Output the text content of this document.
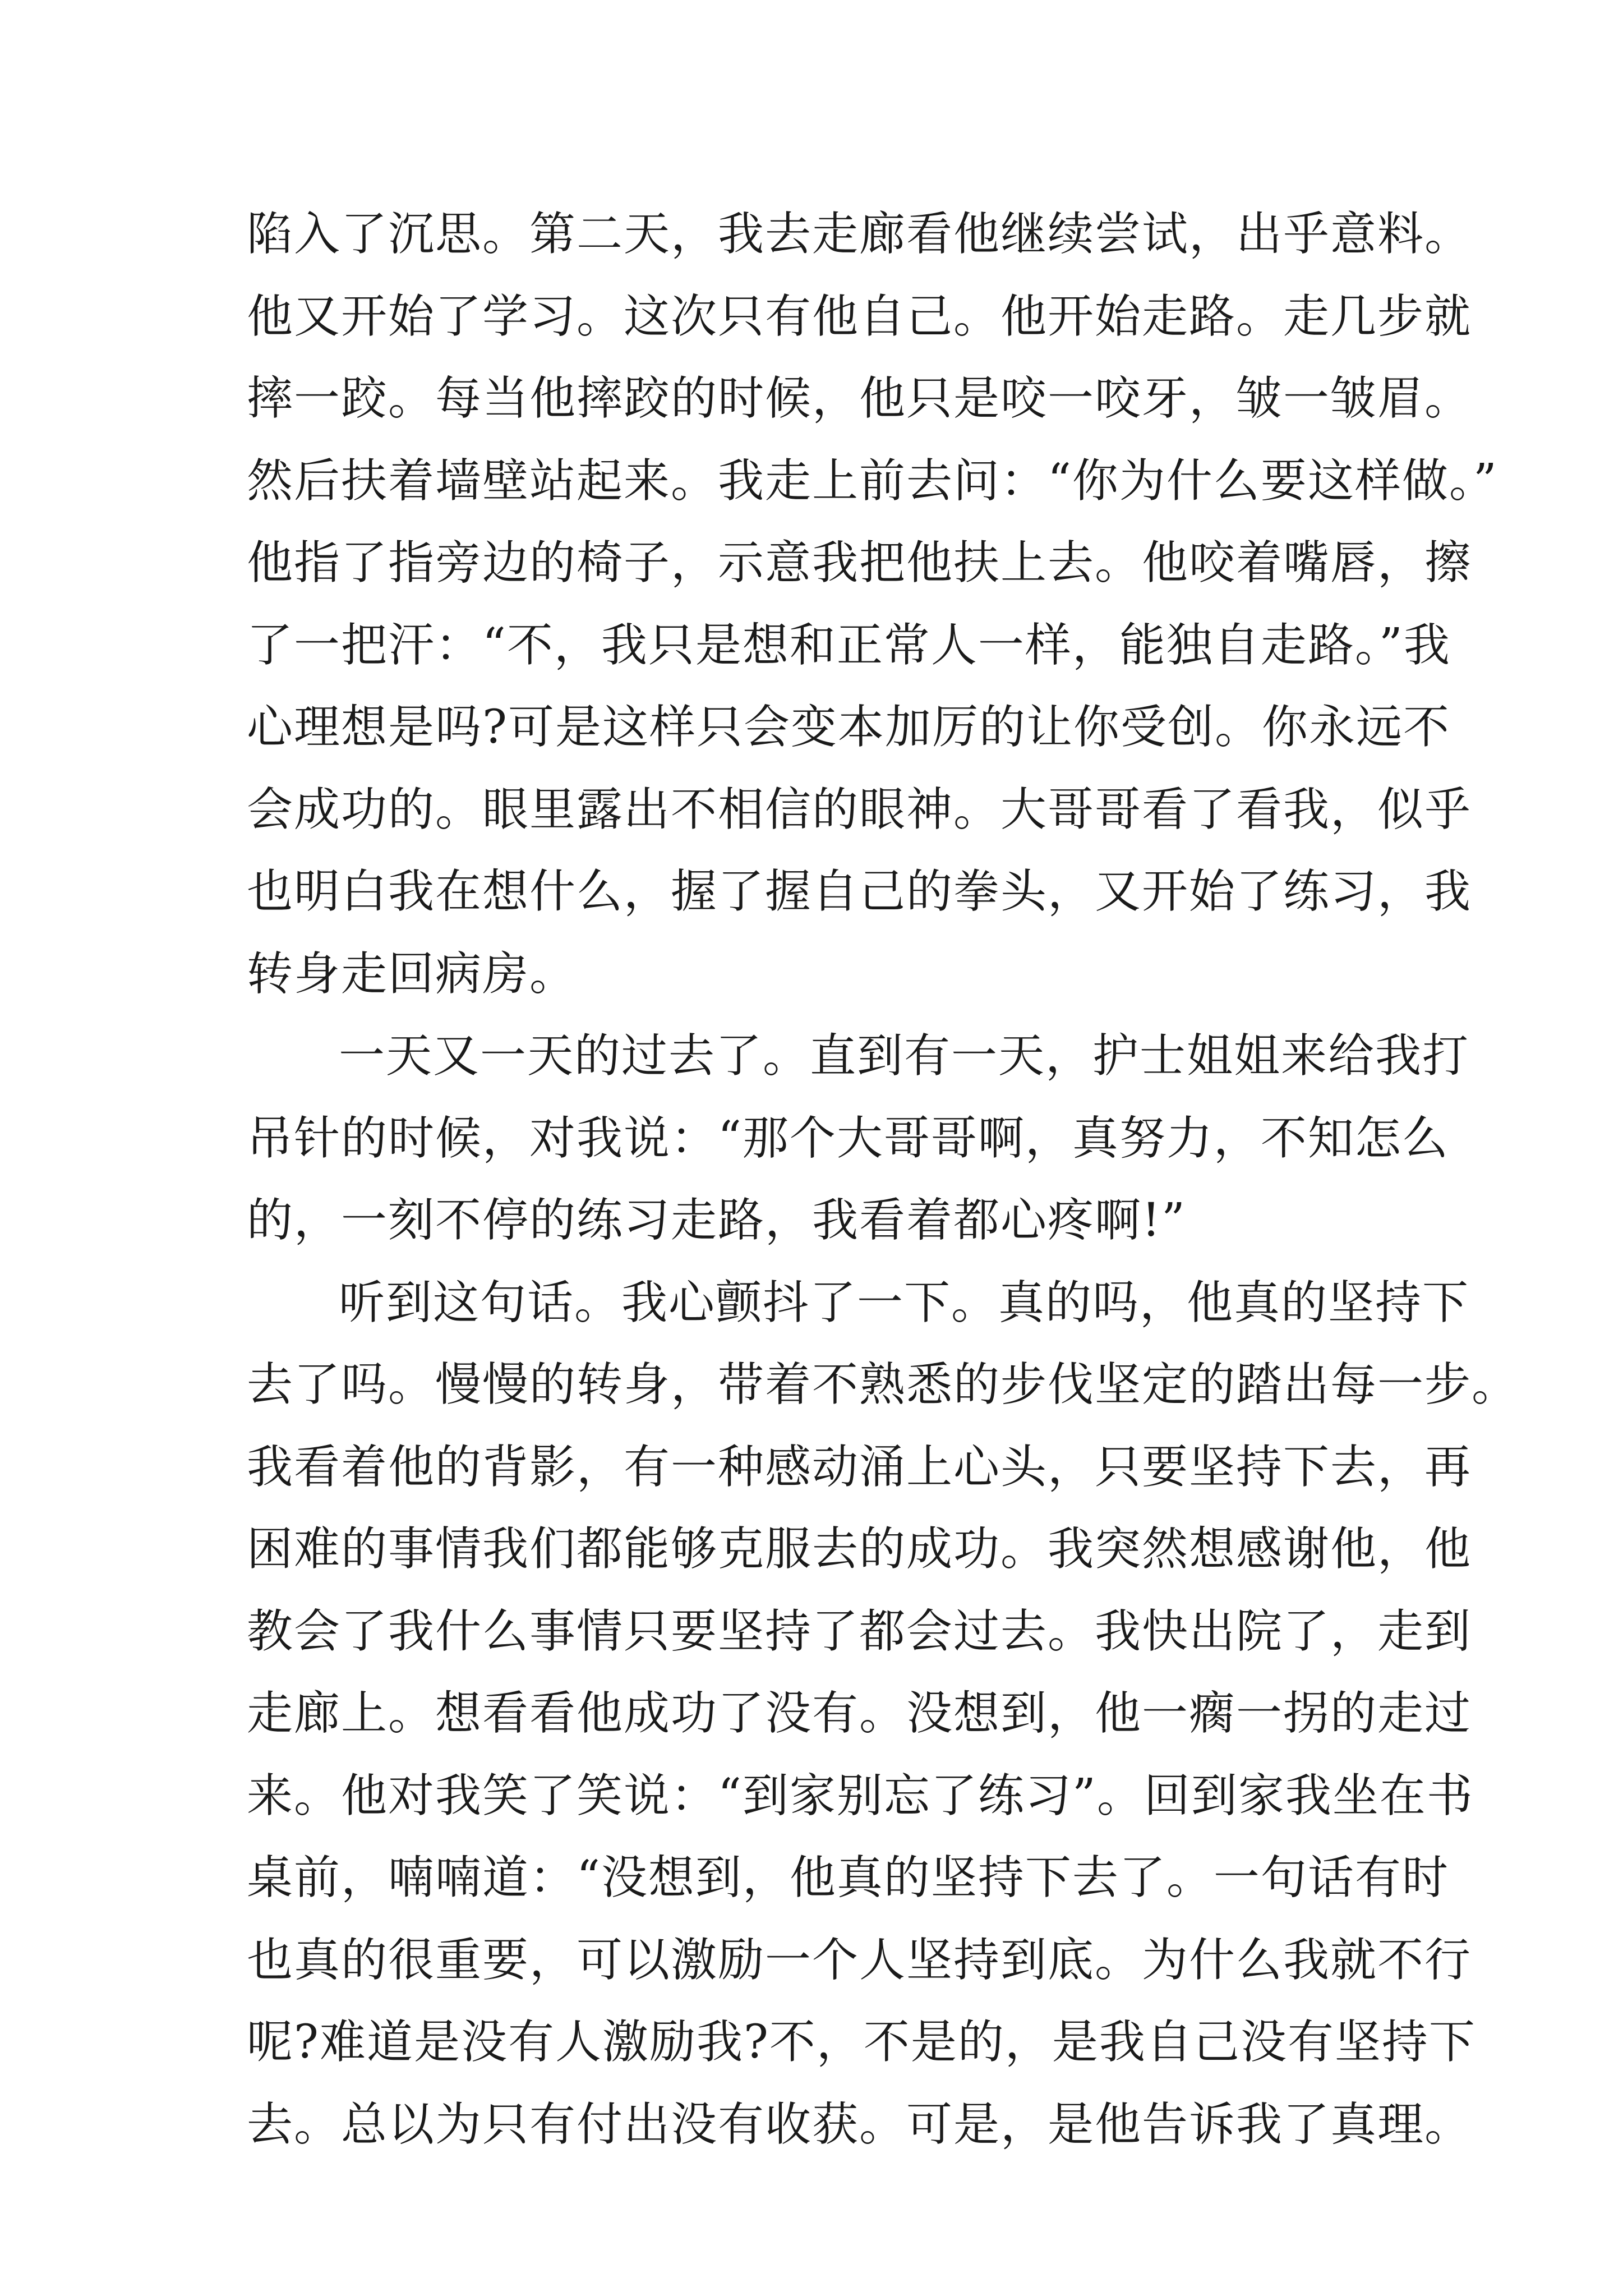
陷入了沉思。第二天，我去走廊看他继续尝试，出乎意料。
他又开始了学习。这次只有他自己。他开始走路。走几步就
摔一跤。每当他摔跤的时候，他只是咬一咬牙，皱一皱眉。
然后扶着墙壁站起来。我走上前去问：“你为什么要这样做。”
他指了指旁边的椅子，示意我把他扶上去。他咬着嘴唇，擦
了一把汗：“不，我只是想和正常人一样，能独自走路。”我
心理想是吗?可是这样只会变本加厉的让你受创。你永远不
会成功的。眼里露出不相信的眼神。大哥哥看了看我，似乎
也明白我在想什么，握了握自己的拳头，又开始了练习，我
转身走回病房。
一天又一天的过去了。直到有一天，护士姐姐来给我打
吊针的时候，对我说：“那个大哥哥啊，真努力，不知怎么
的，一刻不停的练习走路，我看着都心疼啊!”
听到这句话。我心颤抖了一下。真的吗，他真的坚持下
去了吗。慢慢的转身，带着不熟悉的步伐坚定的踏出每一步。
我看着他的背影，有一种感动涌上心头，只要坚持下去，再
困难的事情我们都能够克服去的成功。我突然想感谢他，他
教会了我什么事情只要坚持了都会过去。我快出院了，走到
走廊上。想看看他成功了没有。没想到，他一瘸一拐的走过
来。他对我笑了笑说：“到家别忘了练习”。回到家我坐在书
桌前，喃喃道：“没想到，他真的坚持下去了。一句话有时
也真的很重要，可以激励一个人坚持到底。为什么我就不行
呢?难道是没有人激励我?不，不是的，是我自己没有坚持下
去。总以为只有付出没有收获。可是，是他告诉我了真理。
